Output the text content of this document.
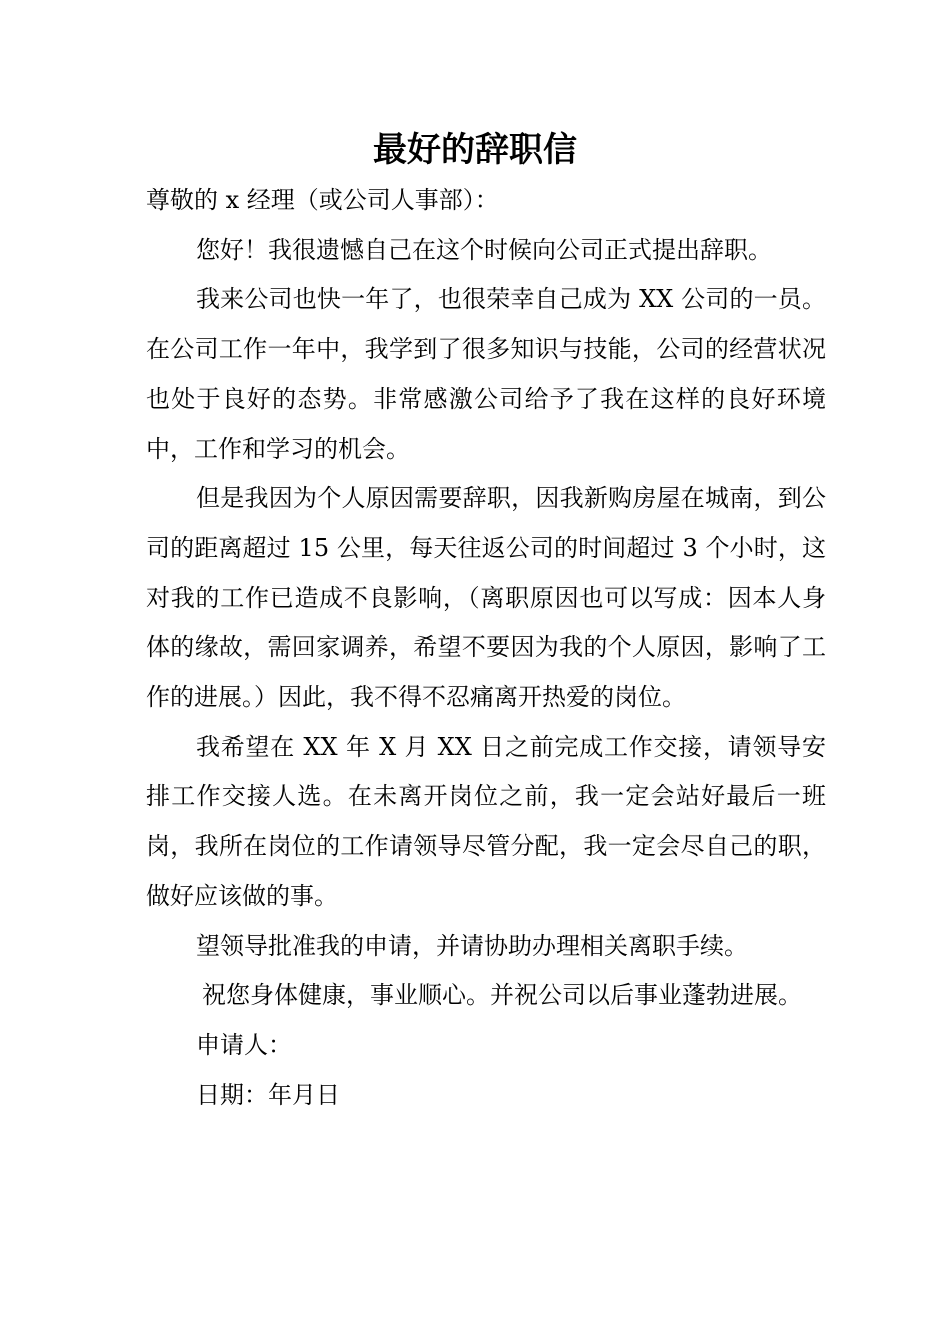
最好的辞职信

尊敬的 x 经理（或公司人事部）：

您好！我很遗憾自己在这个时候向公司正式提出辞职。

我来公司也快一年了，也很荣幸自己成为 XX 公司的一员。在公司工作一年中，我学到了很多知识与技能，公司的经营状况也处于良好的态势。非常感激公司给予了我在这样的良好环境中，工作和学习的机会。

但是我因为个人原因需要辞职，因我新购房屋在城南，到公司的距离超过 15 公里，每天往返公司的时间超过 3 个小时，这对我的工作已造成不良影响，（离职原因也可以写成：因本人身体的缘故，需回家调养，希望不要因为我的个人原因，影响了工作的进展。）因此，我不得不忍痛离开热爱的岗位。

我希望在 XX 年 X 月 XX 日之前完成工作交接，请领导安排工作交接人选。在未离开岗位之前，我一定会站好最后一班岗，我所在岗位的工作请领导尽管分配，我一定会尽自己的职，做好应该做的事。

望领导批准我的申请，并请协助办理相关离职手续。

祝您身体健康，事业顺心。并祝公司以后事业蓬勃进展。

申请人：

日期：年月日
